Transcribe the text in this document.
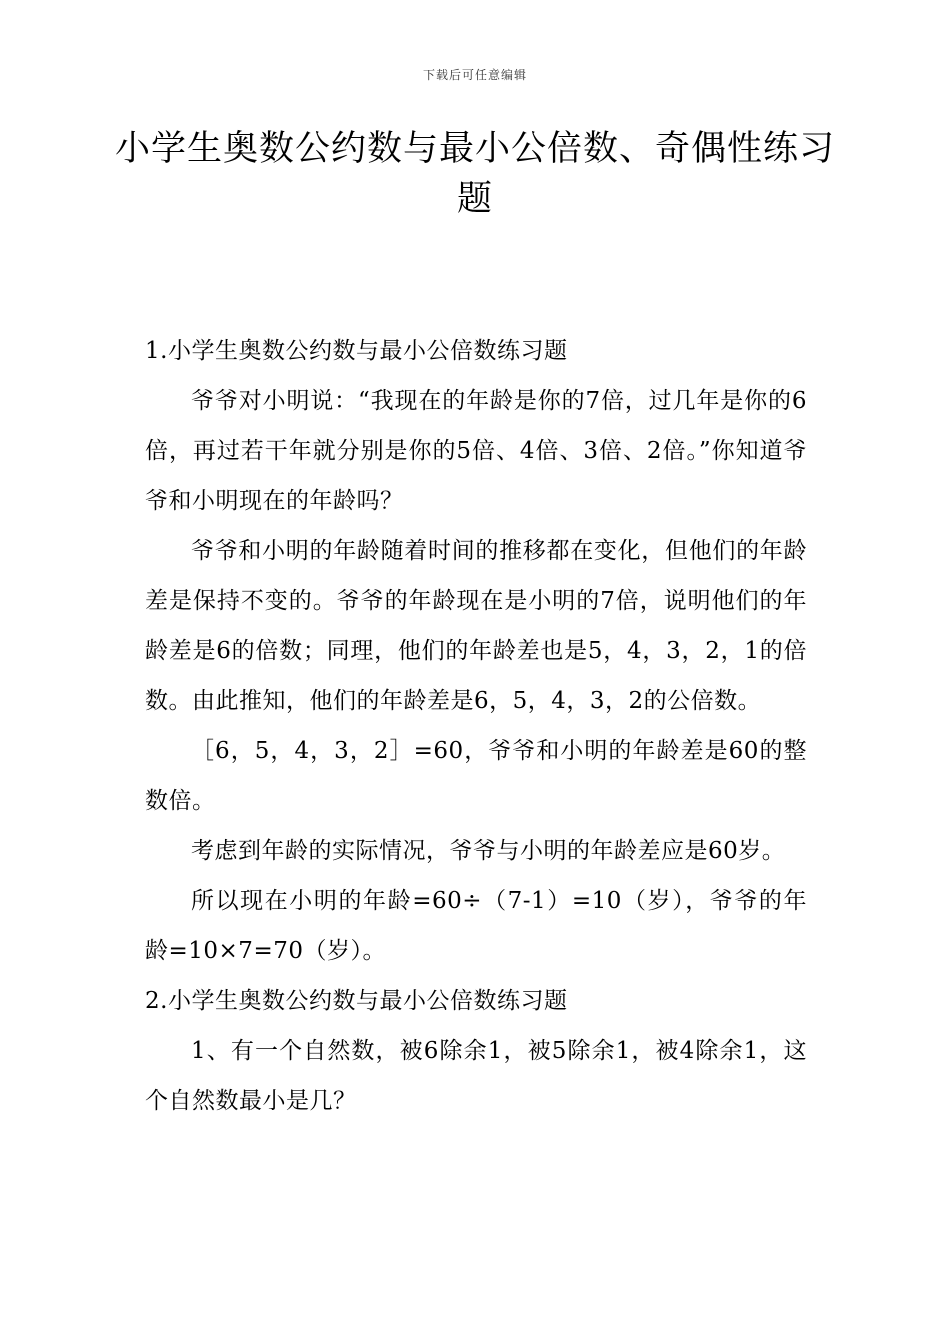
下载后可任意编辑
小学生奥数公约数与最小公倍数、奇偶性练习题

1.小学生奥数公约数与最小公倍数练习题

爷爷对小明说：“我现在的年龄是你的7倍，过几年是你的6倍，再过若干年就分别是你的5倍、4倍、3倍、2倍。”你知道爷爷和小明现在的年龄吗？

爷爷和小明的年龄随着时间的推移都在变化，但他们的年龄差是保持不变的。爷爷的年龄现在是小明的7倍，说明他们的年龄差是6的倍数；同理，他们的年龄差也是5，4，3，2，1的倍数。由此推知，他们的年龄差是6，5，4，3，2的公倍数。

［6，5，4，3，2］=60，爷爷和小明的年龄差是60的整数倍。

考虑到年龄的实际情况，爷爷与小明的年龄差应是60岁。

所以现在小明的年龄=60÷（7-1）=10（岁），爷爷的年龄=10×7=70（岁）。

2.小学生奥数公约数与最小公倍数练习题

1、有一个自然数，被6除余1，被5除余1，被4除余1，这个自然数最小是几？
